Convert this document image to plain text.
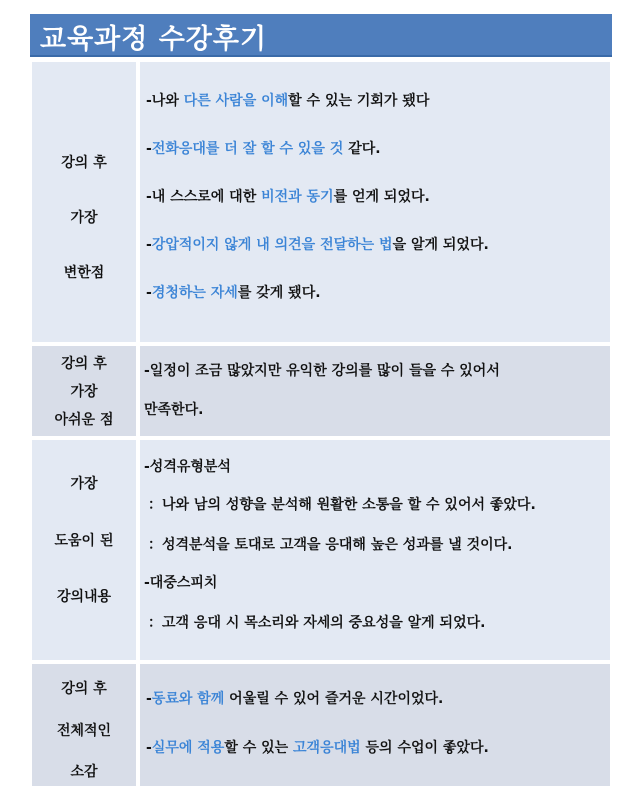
교육과정 수강후기
강의 후
가장
변한점
-나와 다른 사람을 이해할 수 있는 기회가 됐다
-전화응대를 더 잘 할 수 있을 것 같다.
-내 스스로에 대한 비전과 동기를 얻게 되었다.
-강압적이지 않게 내 의견을 전달하는 법을 알게 되었다.
-경청하는 자세를 갖게 됐다.
강의 후
가장
아쉬운 점
-일정이 조금 많았지만 유익한 강의를 많이 들을 수 있어서
만족한다.
가장
도움이 된
강의내용
-성격유형분석
：나와 남의 성향을 분석해 원활한 소통을 할 수 있어서 좋았다.
：성격분석을 토대로 고객을 응대해 높은 성과를 낼 것이다.
-대중스피치
：고객 응대 시 목소리와 자세의 중요성을 알게 되었다.
강의 후
전체적인
소감
-동료와 함께 어울릴 수 있어 즐거운 시간이었다.
-실무에 적용할 수 있는 고객응대법 등의 수업이 좋았다.
